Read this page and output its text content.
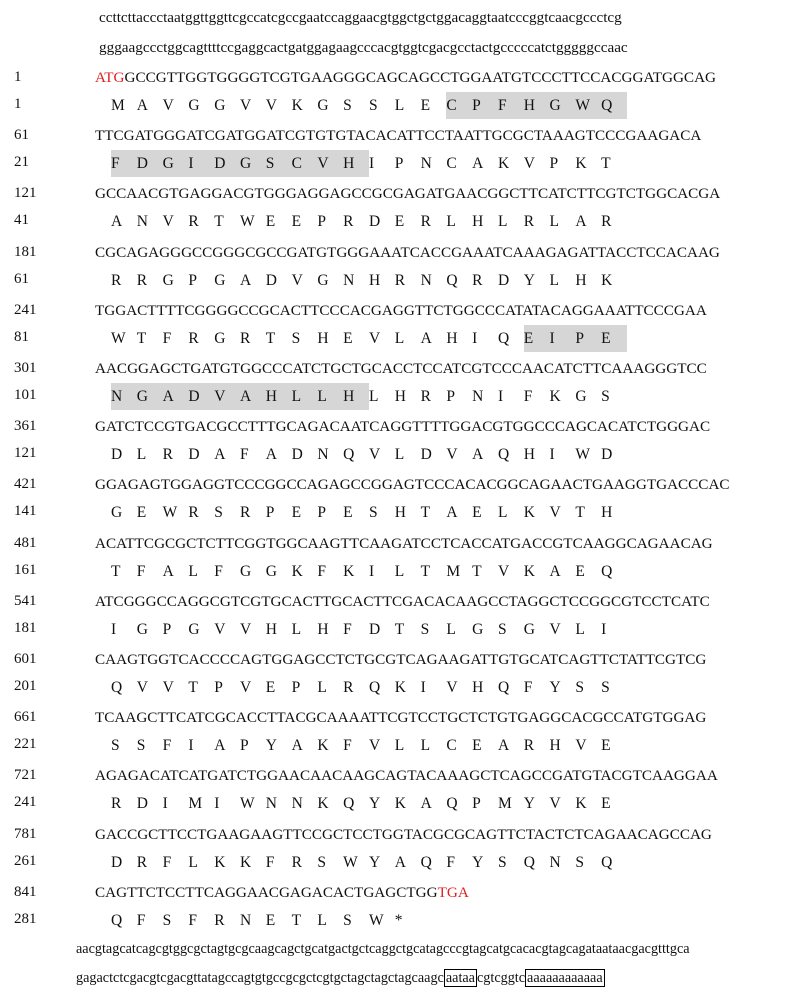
ccttcttaccctaatggttggttcgccatcgccgaatccaggaacgtggctgctggacaggtaatcccggtcaacgccctcg
gggaagccctggcagttttccgaggcactgatggagaagcccacgtggtcgacgcctactgcccccatctgggggccaac
1	ATGGCCGTTGGTGGGGTCGTGAAGGGCAGCAGCCTGGAATGTCCCTTCCACGGATGGCAG
1	M A V G G V V K G S S L E C P F H G W Q
61	TTCGATGGGATCGATGGATCGTGTGTACACATTCCTAATTGCGCTAAAGTCCCGAAGACA
21	F D G I D G S C V H I P N C A K V P K T
121	GCCAACGTGAGGACGTGGGAGGAGCCGCGAGATGAACGGCTTCATCTTCGTCTGGCACGA
41	A N V R T W E E P R D E R L H L R L A R
181	CGCAGAGGGCCGGGCGCCGATGTGGGAAATCACCGAAATCAAAGAGATTACCTCCACAAG
61	R R G P G A D V G N H R N Q R D Y L H K
241	TGGACTTTTCGGGGCCGCACTTCCCACGAGGTTCTGGCCCATATACAGGAAATTCCCGAA
81	W T F R G R T S H E V L A H I Q E I P E
301	AACGGAGCTGATGTGGCCCATCTGCTGCACCTCCATCGTCCCAACATCTTCAAAGGGTCC
101	N G A D V A H L L H L H R P N I F K G S
361	GATCTCCGTGACGCCTTTGCAGACAATCAGGTTTTGGACGTGGCCCAGCACATCTGGGAC
121	D L R D A F A D N Q V L D V A Q H I W D
421	GGAGAGTGGAGGTCCCGGCCAGAGCCGGAGTCCCACACGGCAGAACTGAAGGTGACCCAC
141	G E W R S R P E P E S H T A E L K V T H
481	ACATTCGCGCTCTTCGGTGGCAAGTTCAAGATCCTCACCATGACCGTCAAGGCAGAACAG
161	T F A L F G G K F K I L T M T V K A E Q
541	ATCGGGCCAGGCGTCGTGCACTTGCACTTCGACACAAGCCTAGGCTCCGGCGTCCTCATC
181	I G P G V V H L H F D T S L G S G V L I
601	CAAGTGGTCACCCCAGTGGAGCCTCTGCGTCAGAAGATTGTGCATCAGTTCTATTCGTCG
201	Q V V T P V E P L R Q K I V H Q F Y S S
661	TCAAGCTTCATCGCACCTTACGCAAAATTCGTCCTGCTCTGTGAGGCACGCCATGTGGAG
221	S S F I A P Y A K F V L L C E A R H V E
721	AGAGACATCATGATCTGGAACAACAAGCAGTACAAAGCTCAGCCGATGTACGTCAAGGAA
241	R D I M I W N N K Q Y K A Q P M Y V K E
781	GACCGCTTCCTGAAGAAGTTCCGCTCCTGGTACGCGCAGTTCTACTCTCAGAACAGCCAG
261	D R F L K K F R S W Y A Q F Y S Q N S Q
841	CAGTTCTCCTTCAGGAACGAGACACTGAGCTGGTGA
281	Q F S F R N E T L S W *
aacgtagcatcagcgtggcgctagtgcgcaagcagctgcatgactgctcaggctgcatagcccgtagcatgcacacgtagcagataataacgacgtttgca
gagactctcgacgtcgacgttatagccagtgtgccgcgctcgtgctagctagctagcaagc aataa cgtcggtc aaaaaaaaaaaa
